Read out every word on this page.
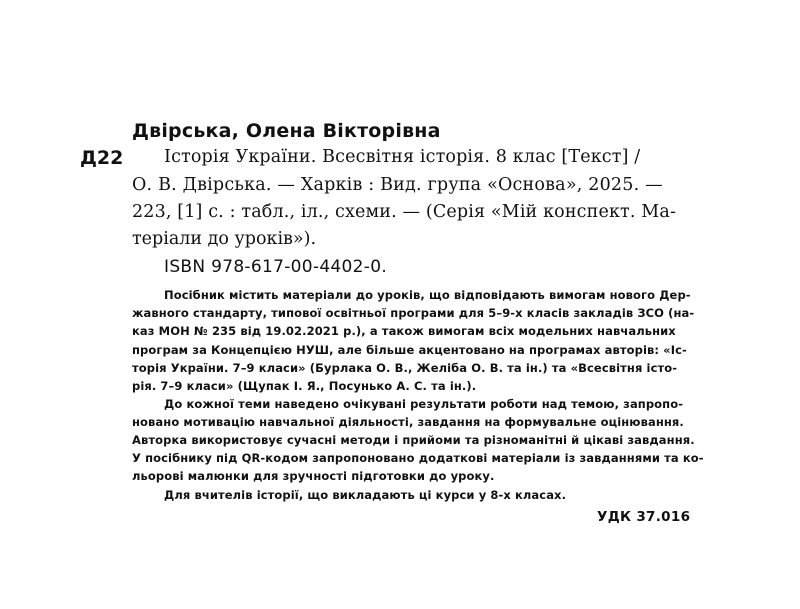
Двірська, Олена Вікторівна
Д22 Історія України. Всесвітня історія. 8 клас [Текст] /
О. В. Двірська. — Харків : Вид. група «Основа», 2025. —
223, [1] с. : табл., іл., схеми. — (Серія «Мій конспект. Ма-
теріали до уроків»).
ISBN 978-617-00-4402-0.
Посібник містить матеріали до уроків, що відповідають вимогам нового Дер-
жавного стандарту, типової освітньої програми для 5–9-х класів закладів ЗСО (на-
каз МОН № 235 від 19.02.2021 р.), а також вимогам всіх модельних навчальних
програм за Концепцією НУШ, але більше акцентовано на програмах авторів: «Іс-
торія України. 7–9 класи» (Бурлака О. В., Желіба О. В. та ін.) та «Всесвітня істо-
рія. 7–9 класи» (Щупак І. Я., Посунько А. С. та ін.).
До кожної теми наведено очікувані результати роботи над темою, запропо-
новано мотивацію навчальної діяльності, завдання на формувальне оцінювання.
Авторка використовує сучасні методи і прийоми та різноманітні й цікаві завдання.
У посібнику під QR-кодом запропоновано додаткові матеріали із завданнями та ко-
льорові малюнки для зручності підготовки до уроку.
Для вчителів історії, що викладають ці курси у 8-х класах.
УДК 37.016
